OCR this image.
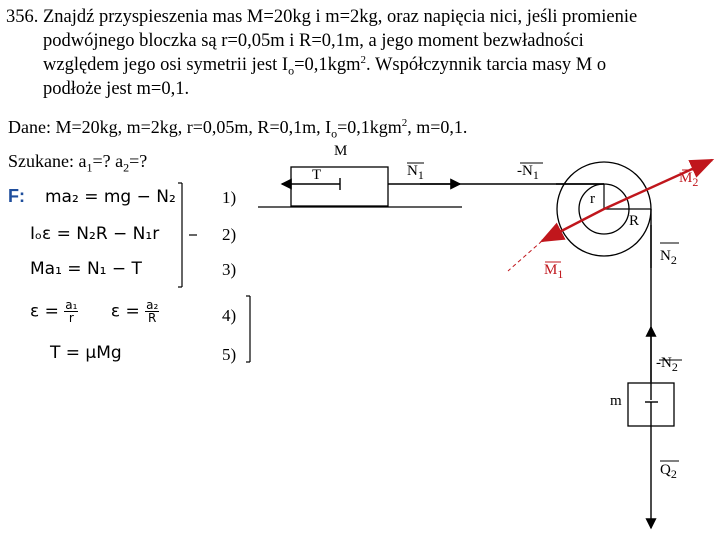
356. Znajdź przyspieszenia mas M=20kg i m=2kg, oraz napięcia nici, jeśli promienie
podwójnego bloczka są r=0,05m i R=0,1m, a jego moment bezwładności
względem jego osi symetrii jest $I_o=0,1kgm^2$. Współczynnik tarcia masy M o
podłoże jest m=0,1.
Dane: M=20kg, m=2kg, r=0,05m, R=0,1m, $I_o=0,1kgm^2$, m=0,1.
Szukane: $a_1=$? $a_2=$?
F: ma₂ = mg − N₂	1)
Iₒε = N₂R − N₁r	2)
Ma₁ = N₁ − T	3)
$\varepsilon = \frac{\text{a₁}}{r}$ $\varepsilon = \frac{\text{a₂}}{R}$	4)
T = μMg	5)
M
T	$N_1$	$-N_1$	$M_2$
r
R
$N_2$
$M_1$
$-N_2$
m
$Q_2$
